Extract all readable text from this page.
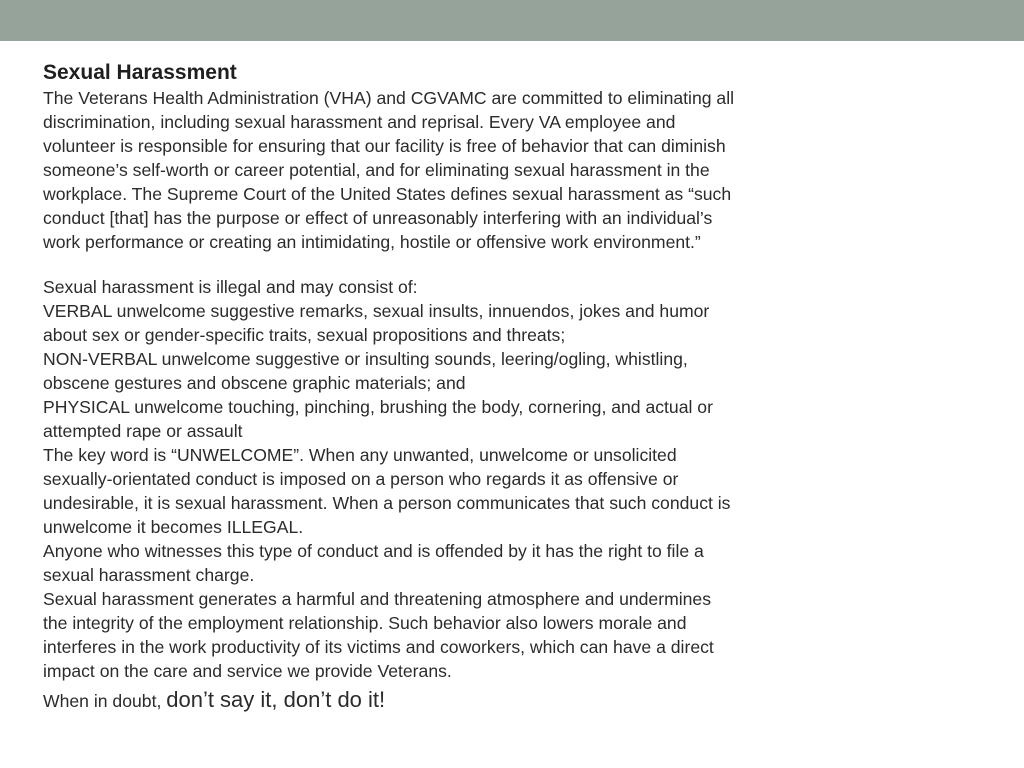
Sexual Harassment

The Veterans Health Administration (VHA) and CGVAMC are committed to eliminating all
discrimination, including sexual harassment and reprisal. Every VA employee and
volunteer is responsible for ensuring that our facility is free of behavior that can diminish
someone’s self-worth or career potential, and for eliminating sexual harassment in the
workplace. The Supreme Court of the United States defines sexual harassment as “such
conduct [that] has the purpose or effect of unreasonably interfering with an individual’s
work performance or creating an intimidating, hostile or offensive work environment.”

Sexual harassment is illegal and may consist of:

VERBAL unwelcome suggestive remarks, sexual insults, innuendos, jokes and humor
about sex or gender-specific traits, sexual propositions and threats;

NON-VERBAL unwelcome suggestive or insulting sounds, leering/ogling, whistling,
obscene gestures and obscene graphic materials; and

PHYSICAL unwelcome touching, pinching, brushing the body, cornering, and actual or
attempted rape or assault

The key word is “UNWELCOME”. When any unwanted, unwelcome or unsolicited
sexually-orientated conduct is imposed on a person who regards it as offensive or
undesirable, it is sexual harassment. When a person communicates that such conduct is
unwelcome it becomes ILLEGAL.

Anyone who witnesses this type of conduct and is offended by it has the right to file a
sexual harassment charge.

Sexual harassment generates a harmful and threatening atmosphere and undermines
the integrity of the employment relationship. Such behavior also lowers morale and
interferes in the work productivity of its victims and coworkers, which can have a direct
impact on the care and service we provide Veterans.

When in doubt, don’t say it, don’t do it!
